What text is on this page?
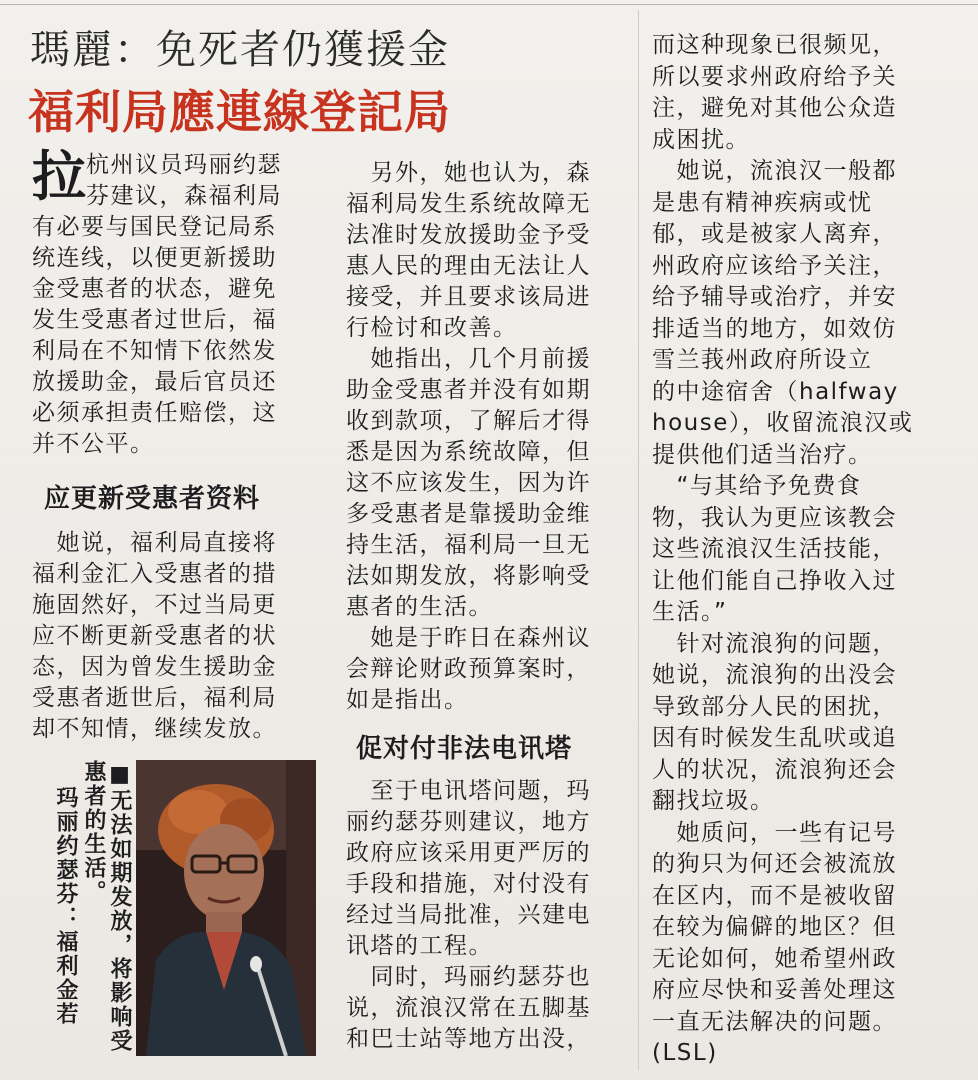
瑪麗：免死者仍獲援金
福利局應連線登記局
拉 杭州议员玛丽约瑟
芬建议，森福利局
有必要与国民登记局系
统连线，以便更新援助
金受惠者的状态，避免
发生受惠者过世后，福
利局在不知情下依然发
放援助金，最后官员还
必须承担责任赔偿，这
并不公平。
应更新受惠者资料
　她说，福利局直接将
福利金汇入受惠者的措
施固然好，不过当局更
应不断更新受惠者的状
态，因为曾发生援助金
受惠者逝世后，福利局
却不知情，继续发放。
■无法如期发放，将影响受
惠者的生活。
玛丽约瑟芬：福利金若
　另外，她也认为，森
福利局发生系统故障无
法准时发放援助金予受
惠人民的理由无法让人
接受，并且要求该局进
行检讨和改善。
　她指出，几个月前援
助金受惠者并没有如期
收到款项，了解后才得
悉是因为系统故障，但
这不应该发生，因为许
多受惠者是靠援助金维
持生活，福利局一旦无
法如期发放，将影响受
惠者的生活。
　她是于昨日在森州议
会辩论财政预算案时，
如是指出。
促对付非法电讯塔
　至于电讯塔问题，玛
丽约瑟芬则建议，地方
政府应该采用更严厉的
手段和措施，对付没有
经过当局批准，兴建电
讯塔的工程。
　同时，玛丽约瑟芬也
说，流浪汉常在五脚基
和巴士站等地方出没，
而这种现象已很频见，
所以要求州政府给予关
注，避免对其他公众造
成困扰。
　她说，流浪汉一般都
是患有精神疾病或忧
郁，或是被家人离弃，
州政府应该给予关注，
给予辅导或治疗，并安
排适当的地方，如效仿
雪兰莪州政府所设立
的中途宿舍（halfway
house），收留流浪汉或
提供他们适当治疗。
　“与其给予免费食
物，我认为更应该教会
这些流浪汉生活技能，
让他们能自己挣收入过
生活。”
　针对流浪狗的问题，
她说，流浪狗的出没会
导致部分人民的困扰，
因有时候发生乱吠或追
人的状况，流浪狗还会
翻找垃圾。
　她质问，一些有记号
的狗只为何还会被流放
在区内，而不是被收留
在较为偏僻的地区？但
无论如何，她希望州政
府应尽快和妥善处理这
一直无法解决的问题。
(LSL)
